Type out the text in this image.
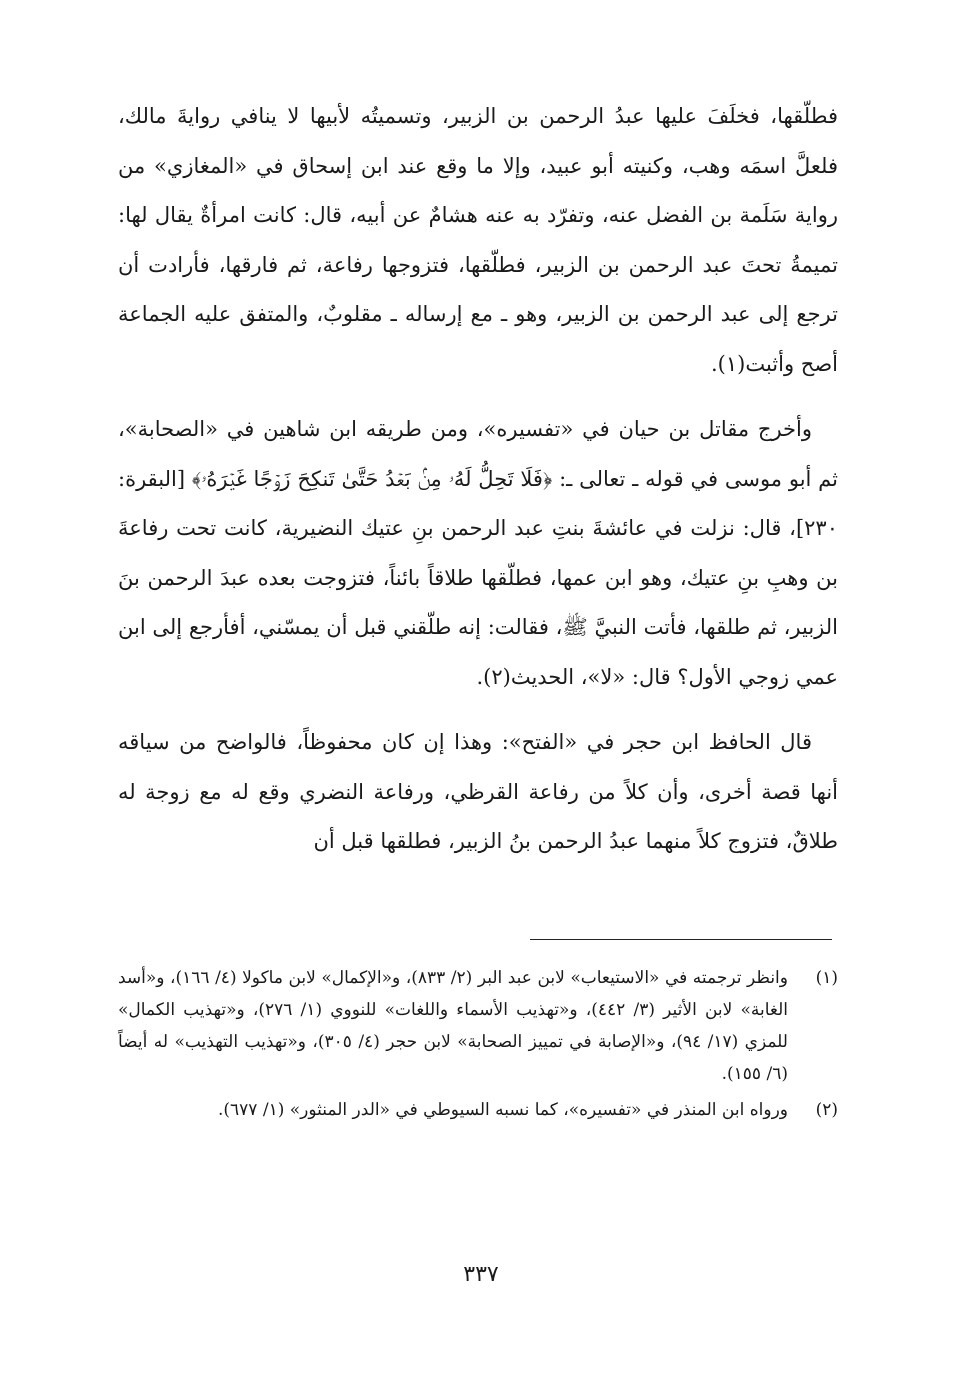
فطلّقها، فخلَفَ عليها عبدُ الرحمن بن الزبير، وتسميتُه لأبيها لا ينافي روايةَ مالك، فلعلَّ اسمَه وهب، وكنيته أبو عبيد، وإلا ما وقع عند ابن إسحاق في «المغازي» من رواية سَلَمة بن الفضل عنه، وتفرّد به عنه هشامٌ عن أبيه، قال: كانت امرأةٌ يقال لها: تميمةُ تحتَ عبد الرحمن بن الزبير، فطلّقها، فتزوجها رفاعة، ثم فارقها، فأرادت أن ترجع إلى عبد الرحمن بن الزبير، وهو ـ مع إرساله ـ مقلوبٌ، والمتفق عليه الجماعة أصح وأثبت(١).

وأخرج مقاتل بن حيان في «تفسيره»، ومن طريقه ابن شاهين في «الصحابة»، ثم أبو موسى في قوله ـ تعالى ـ: ﴿فَلَا تَحِلُّ لَهُۥ مِنۢ بَعۡدُ حَتَّىٰ تَنكِحَ زَوۡجًا غَيۡرَهُۥ﴾ [البقرة: ٢٣٠]، قال: نزلت في عائشةَ بنتِ عبد الرحمن بنِ عتيك النضيرية، كانت تحت رفاعةَ بن وهبِ بنِ عتيك، وهو ابن عمها، فطلّقها طلاقاً بائناً، فتزوجت بعده عبدَ الرحمن بنَ الزبير، ثم طلقها، فأتت النبيَّ ﷺ، فقالت: إنه طلّقني قبل أن يمسّني، أفأرجع إلى ابن عمي زوجي الأول؟ قال: «لا»، الحديث(٢).

قال الحافظ ابن حجر في «الفتح»: وهذا إن كان محفوظاً، فالواضح من سياقه أنها قصة أخرى، وأن كلاً من رفاعة القرظي، ورفاعة النضري وقع له مع زوجة له طلاقٌ، فتزوج كلاً منهما عبدُ الرحمن بنُ الزبير، فطلقها قبل أن

(١)
وانظر ترجمته في «الاستيعاب» لابن عبد البر (٢/ ٨٣٣)، و«الإكمال» لابن ماكولا (٤/ ١٦٦)، و«أسد الغابة» لابن الأثير (٣/ ٤٤٢)، و«تهذيب الأسماء واللغات» للنووي (١/ ٢٧٦)، و«تهذيب الكمال» للمزي (١٧/ ٩٤)، و«الإصابة في تمييز الصحابة» لابن حجر (٤/ ٣٠٥)، و«تهذيب التهذيب» له أيضاً (٦/ ١٥٥).
(٢)
ورواه ابن المنذر في «تفسيره»، كما نسبه السيوطي في «الدر المنثور» (١/ ٦٧٧).
٣٣٧
